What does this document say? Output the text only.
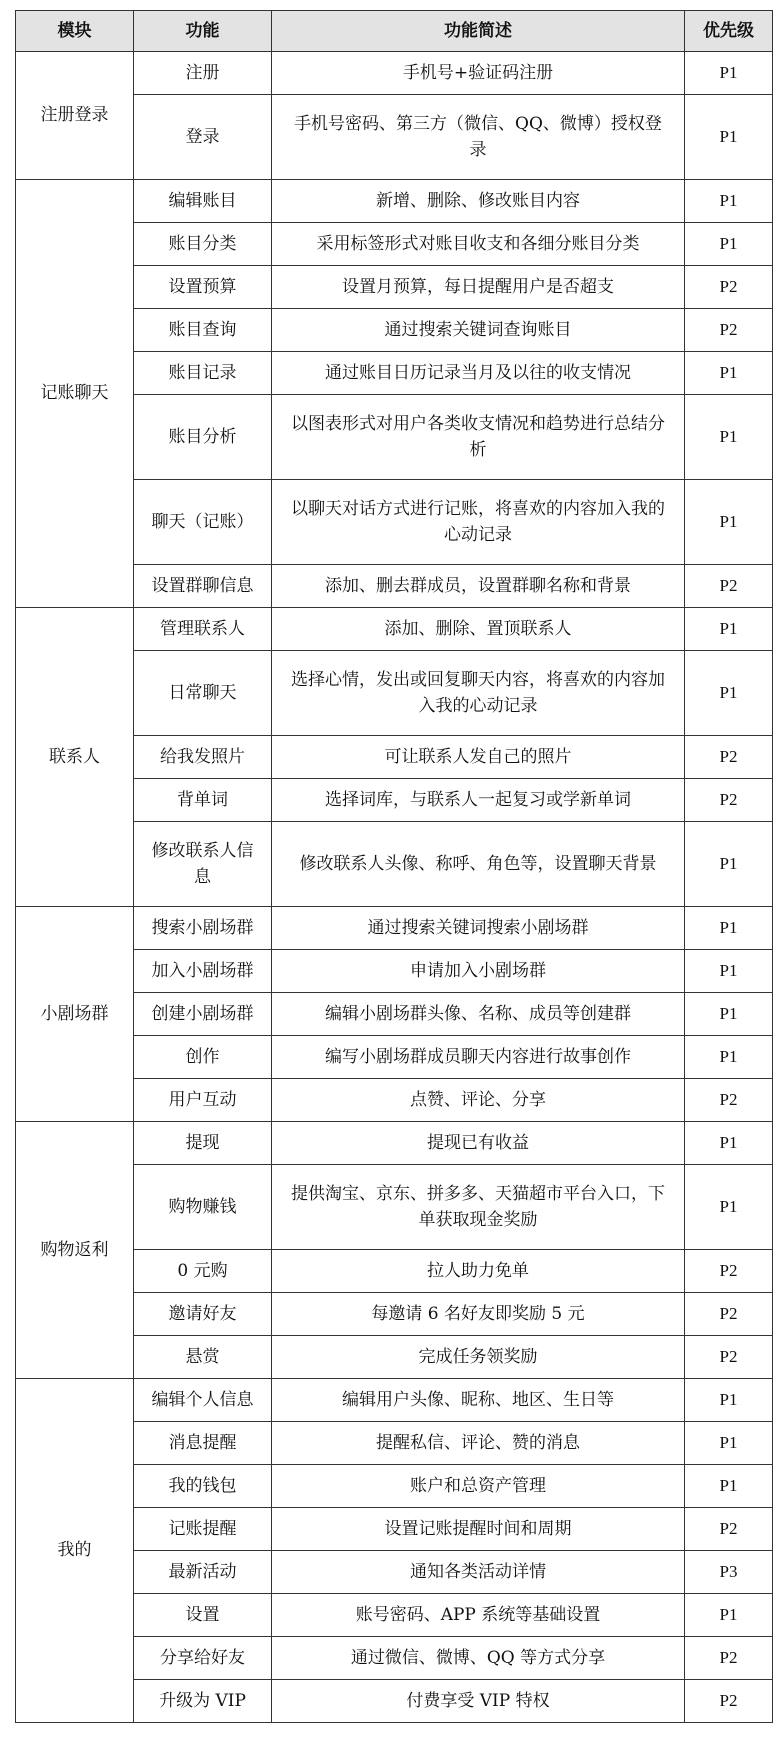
模块	功能	功能简述	优先级
注册登录	注册	手机号+验证码注册	P1
	登录	手机号密码、第三方（微信、QQ、微博）授权登录	P1
记账聊天	编辑账目	新增、删除、修改账目内容	P1
	账目分类	采用标签形式对账目收支和各细分账目分类	P1
	设置预算	设置月预算，每日提醒用户是否超支	P2
	账目查询	通过搜索关键词查询账目	P2
	账目记录	通过账目日历记录当月及以往的收支情况	P1
	账目分析	以图表形式对用户各类收支情况和趋势进行总结分析	P1
	聊天（记账）	以聊天对话方式进行记账，将喜欢的内容加入我的心动记录	P1
	设置群聊信息	添加、删去群成员，设置群聊名称和背景	P2
联系人	管理联系人	添加、删除、置顶联系人	P1
	日常聊天	选择心情，发出或回复聊天内容，将喜欢的内容加入我的心动记录	P1
	给我发照片	可让联系人发自己的照片	P2
	背单词	选择词库，与联系人一起复习或学新单词	P2
	修改联系人信息	修改联系人头像、称呼、角色等，设置聊天背景	P1
小剧场群	搜索小剧场群	通过搜索关键词搜索小剧场群	P1
	加入小剧场群	申请加入小剧场群	P1
	创建小剧场群	编辑小剧场群头像、名称、成员等创建群	P1
	创作	编写小剧场群成员聊天内容进行故事创作	P1
	用户互动	点赞、评论、分享	P2
购物返利	提现	提现已有收益	P1
	购物赚钱	提供淘宝、京东、拼多多、天猫超市平台入口，下单获取现金奖励	P1
	0 元购	拉人助力免单	P2
	邀请好友	每邀请 6 名好友即奖励 5 元	P2
	悬赏	完成任务领奖励	P2
我的	编辑个人信息	编辑用户头像、昵称、地区、生日等	P1
	消息提醒	提醒私信、评论、赞的消息	P1
	我的钱包	账户和总资产管理	P1
	记账提醒	设置记账提醒时间和周期	P2
	最新活动	通知各类活动详情	P3
	设置	账号密码、APP 系统等基础设置	P1
	分享给好友	通过微信、微博、QQ 等方式分享	P2
	升级为 VIP	付费享受 VIP 特权	P2
